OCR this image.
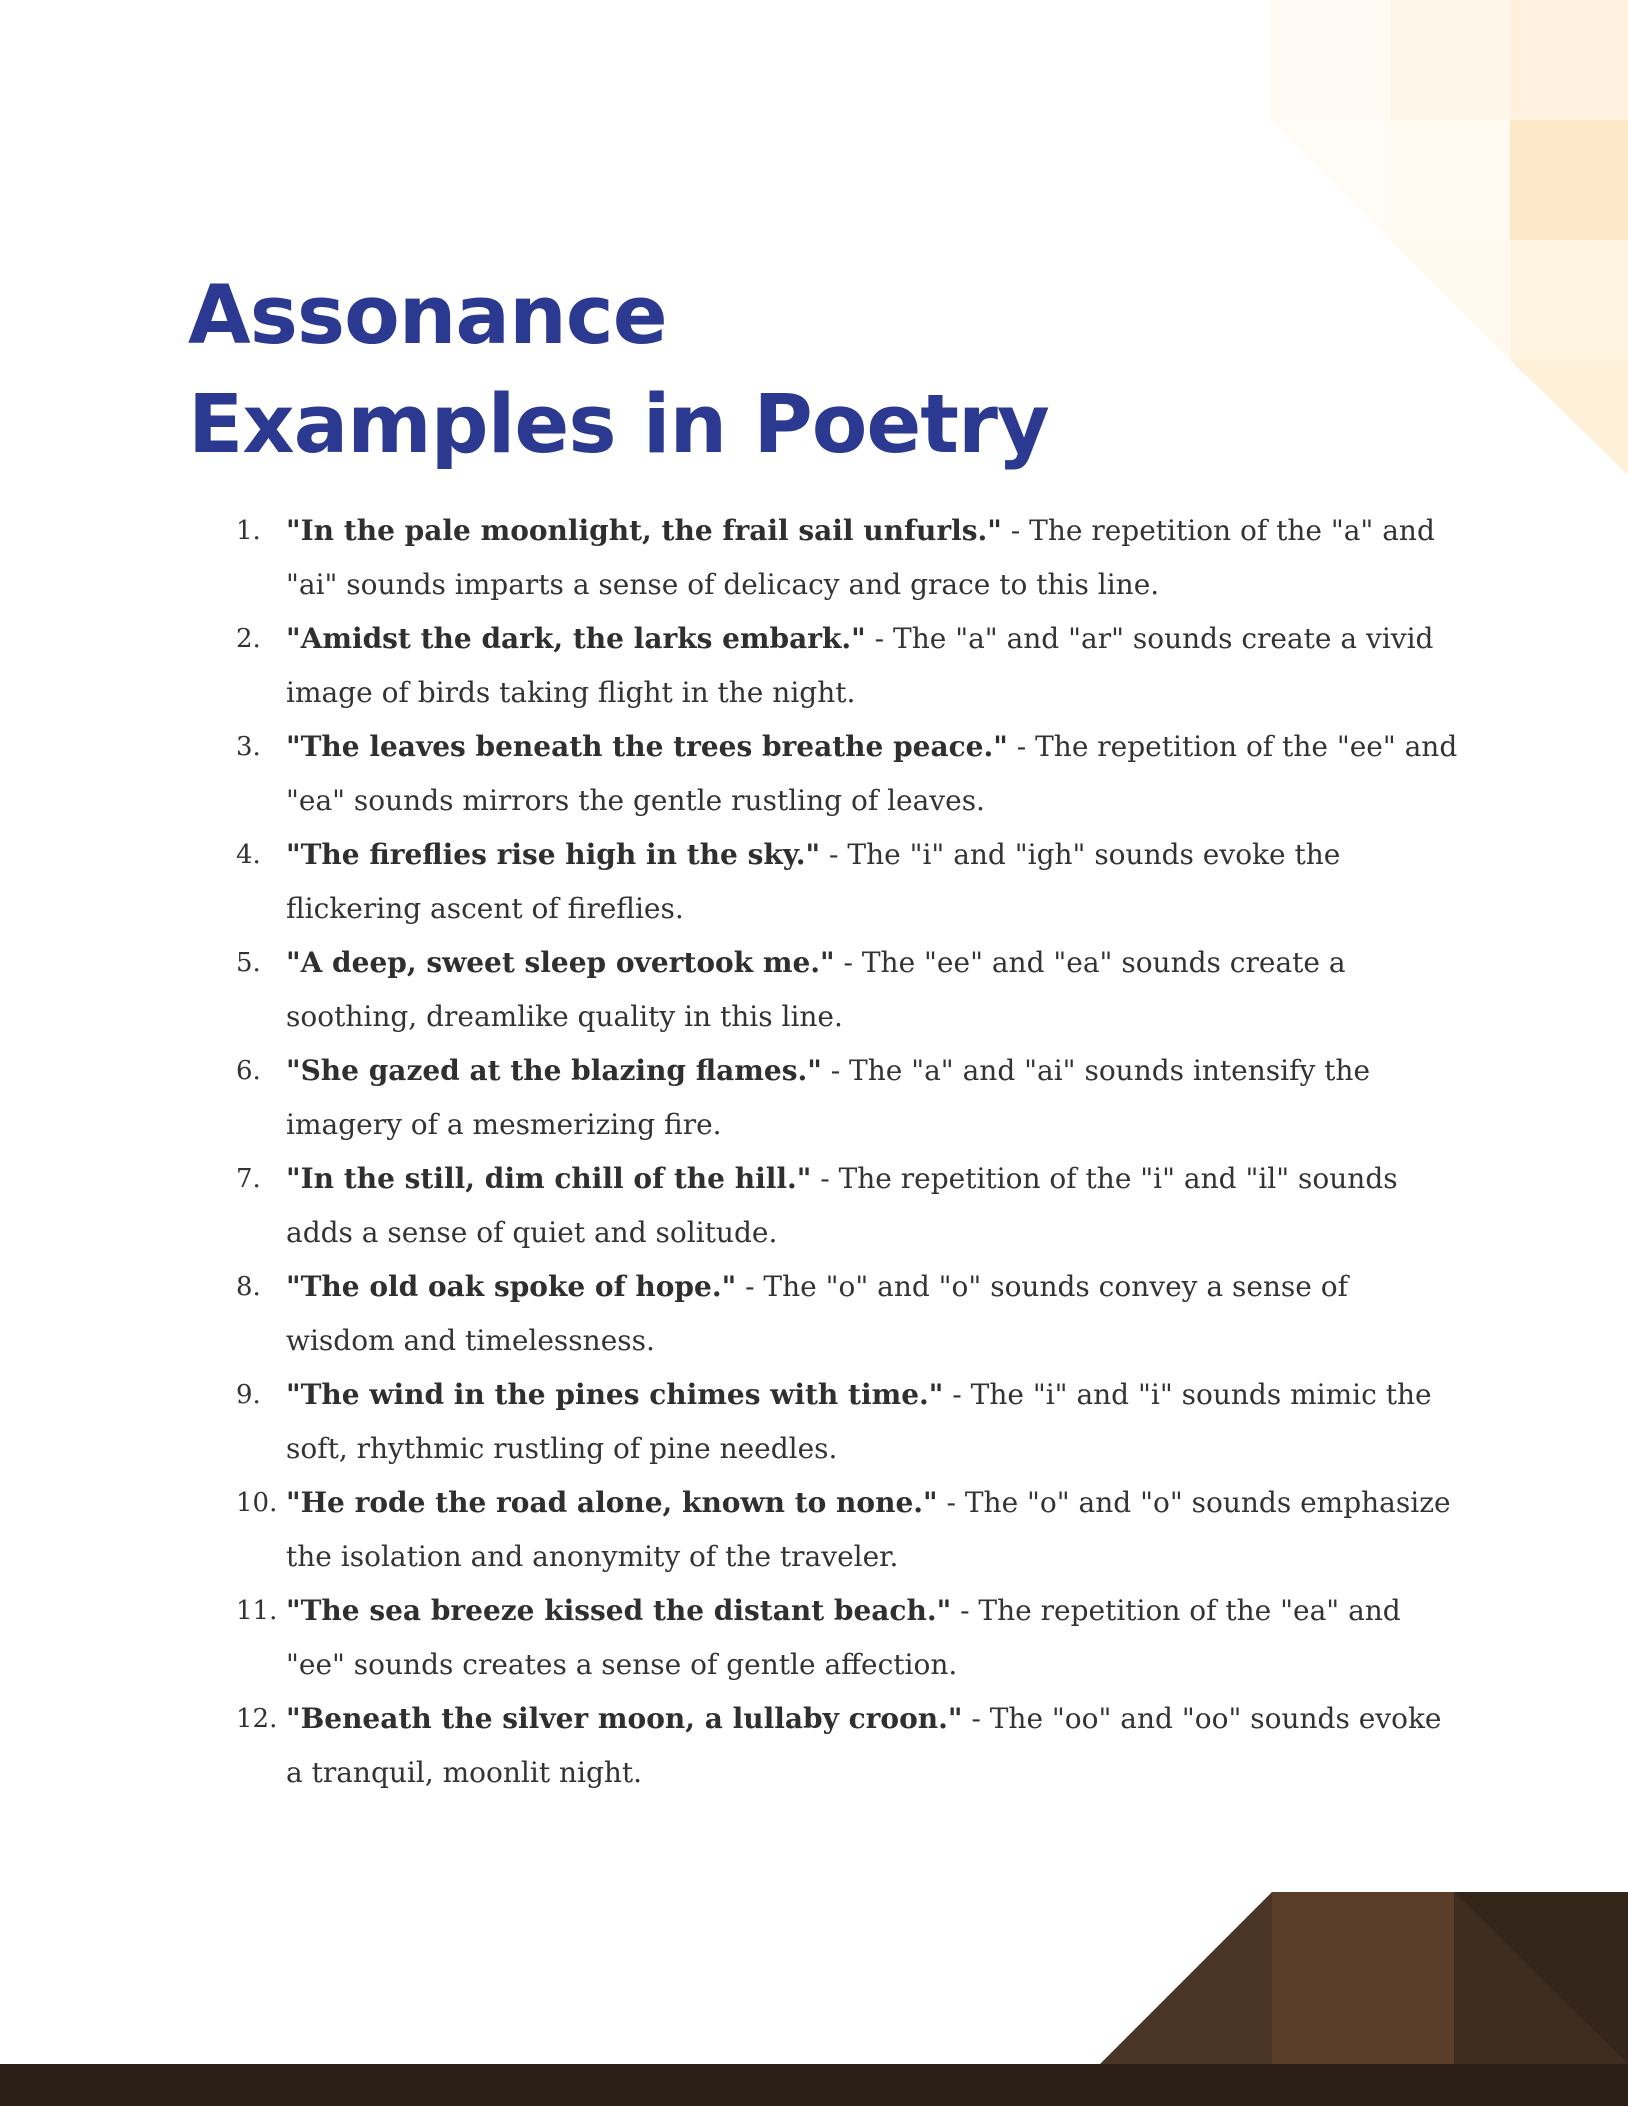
Assonance
Examples in Poetry
1. "In the pale moonlight, the frail sail unfurls." - The repetition of the "a" and "ai" sounds imparts a sense of delicacy and grace to this line.
2. "Amidst the dark, the larks embark." - The "a" and "ar" sounds create a vivid image of birds taking flight in the night.
3. "The leaves beneath the trees breathe peace." - The repetition of the "ee" and "ea" sounds mirrors the gentle rustling of leaves.
4. "The fireflies rise high in the sky." - The "i" and "igh" sounds evoke the flickering ascent of fireflies.
5. "A deep, sweet sleep overtook me." - The "ee" and "ea" sounds create a soothing, dreamlike quality in this line.
6. "She gazed at the blazing flames." - The "a" and "ai" sounds intensify the imagery of a mesmerizing fire.
7. "In the still, dim chill of the hill." - The repetition of the "i" and "il" sounds adds a sense of quiet and solitude.
8. "The old oak spoke of hope." - The "o" and "o" sounds convey a sense of wisdom and timelessness.
9. "The wind in the pines chimes with time." - The "i" and "i" sounds mimic the soft, rhythmic rustling of pine needles.
10. "He rode the road alone, known to none." - The "o" and "o" sounds emphasize the isolation and anonymity of the traveler.
11. "The sea breeze kissed the distant beach." - The repetition of the "ea" and "ee" sounds creates a sense of gentle affection.
12. "Beneath the silver moon, a lullaby croon." - The "oo" and "oo" sounds evoke a tranquil, moonlit night.
